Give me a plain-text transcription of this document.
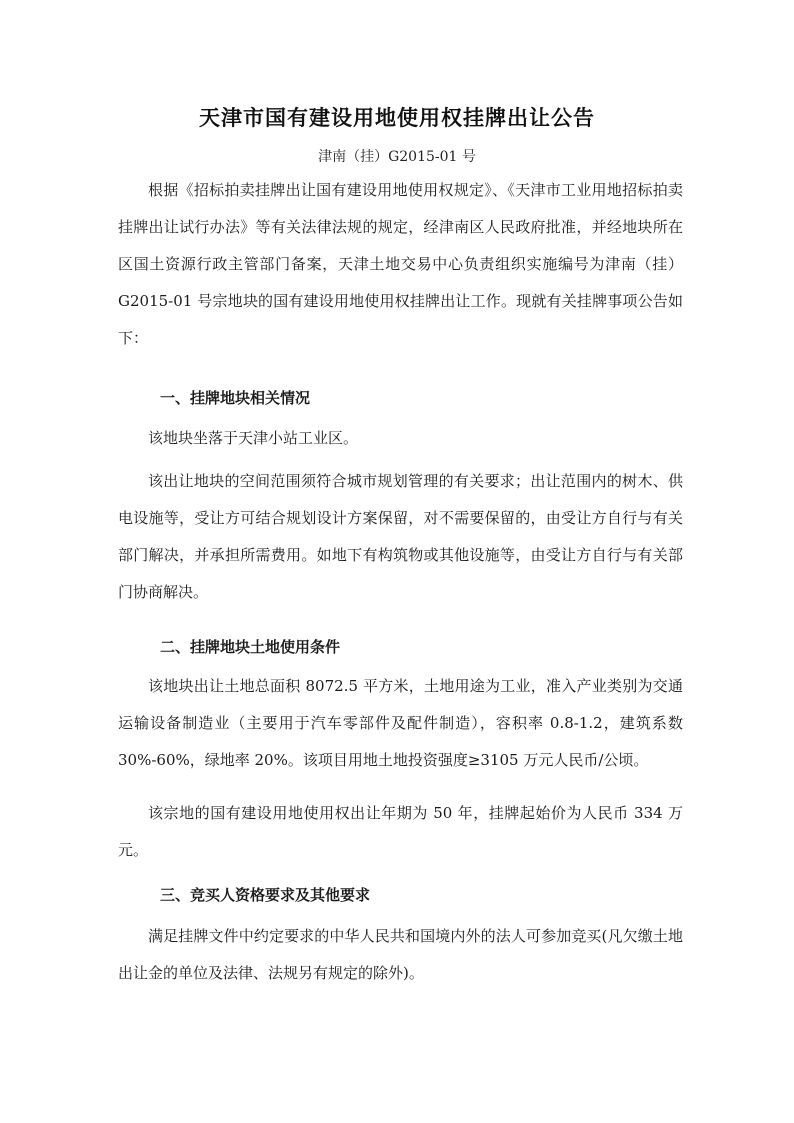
天津市国有建设用地使用权挂牌出让公告
津南（挂）G2015-01 号

根据《招标拍卖挂牌出让国有建设用地使用权规定》、《天津市工业用地招标拍卖挂牌出让试行办法》等有关法律法规的规定，经津南区人民政府批准，并经地块所在区国土资源行政主管部门备案，天津土地交易中心负责组织实施编号为津南（挂）G2015-01 号宗地块的国有建设用地使用权挂牌出让工作。现就有关挂牌事项公告如下：

一、挂牌地块相关情况

该地块坐落于天津小站工业区。

该出让地块的空间范围须符合城市规划管理的有关要求；出让范围内的树木、供电设施等，受让方可结合规划设计方案保留，对不需要保留的，由受让方自行与有关部门解决，并承担所需费用。如地下有构筑物或其他设施等，由受让方自行与有关部门协商解决。

二、挂牌地块土地使用条件

该地块出让土地总面积 8072.5 平方米，土地用途为工业，准入产业类别为交通运输设备制造业（主要用于汽车零部件及配件制造），容积率 0.8-1.2，建筑系数 30%-60%，绿地率 20%。该项目用地土地投资强度≥3105 万元人民币/公顷。

该宗地的国有建设用地使用权出让年期为 50 年，挂牌起始价为人民币 334 万元。

三、竞买人资格要求及其他要求

满足挂牌文件中约定要求的中华人民共和国境内外的法人可参加竞买(凡欠缴土地出让金的单位及法律、法规另有规定的除外)。
